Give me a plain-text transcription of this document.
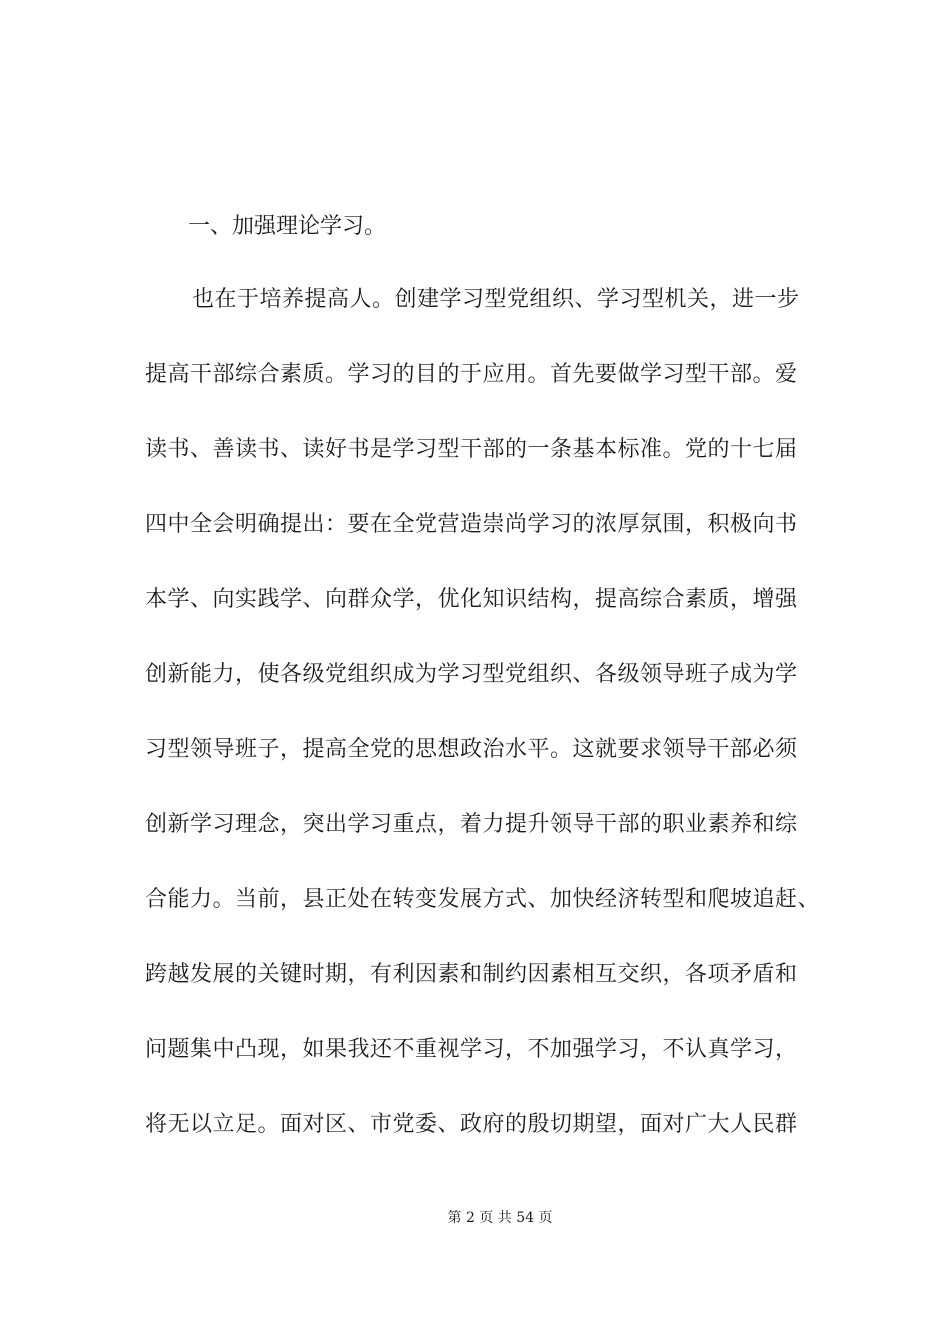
一、加强理论学习。
也在于培养提高人。创建学习型党组织、学习型机关，进一步
提高干部综合素质。学习的目的于应用。首先要做学习型干部。爱
读书、善读书、读好书是学习型干部的一条基本标准。党的十七届
四中全会明确提出：要在全党营造崇尚学习的浓厚氛围，积极向书
本学、向实践学、向群众学，优化知识结构，提高综合素质，增强
创新能力，使各级党组织成为学习型党组织、各级领导班子成为学
习型领导班子，提高全党的思想政治水平。这就要求领导干部必须
创新学习理念，突出学习重点，着力提升领导干部的职业素养和综
合能力。当前，县正处在转变发展方式、加快经济转型和爬坡追赶、
跨越发展的关键时期，有利因素和制约因素相互交织，各项矛盾和
问题集中凸现，如果我还不重视学习，不加强学习，不认真学习，
将无以立足。面对区、市党委、政府的殷切期望，面对广大人民群
第 2 页 共 54 页
